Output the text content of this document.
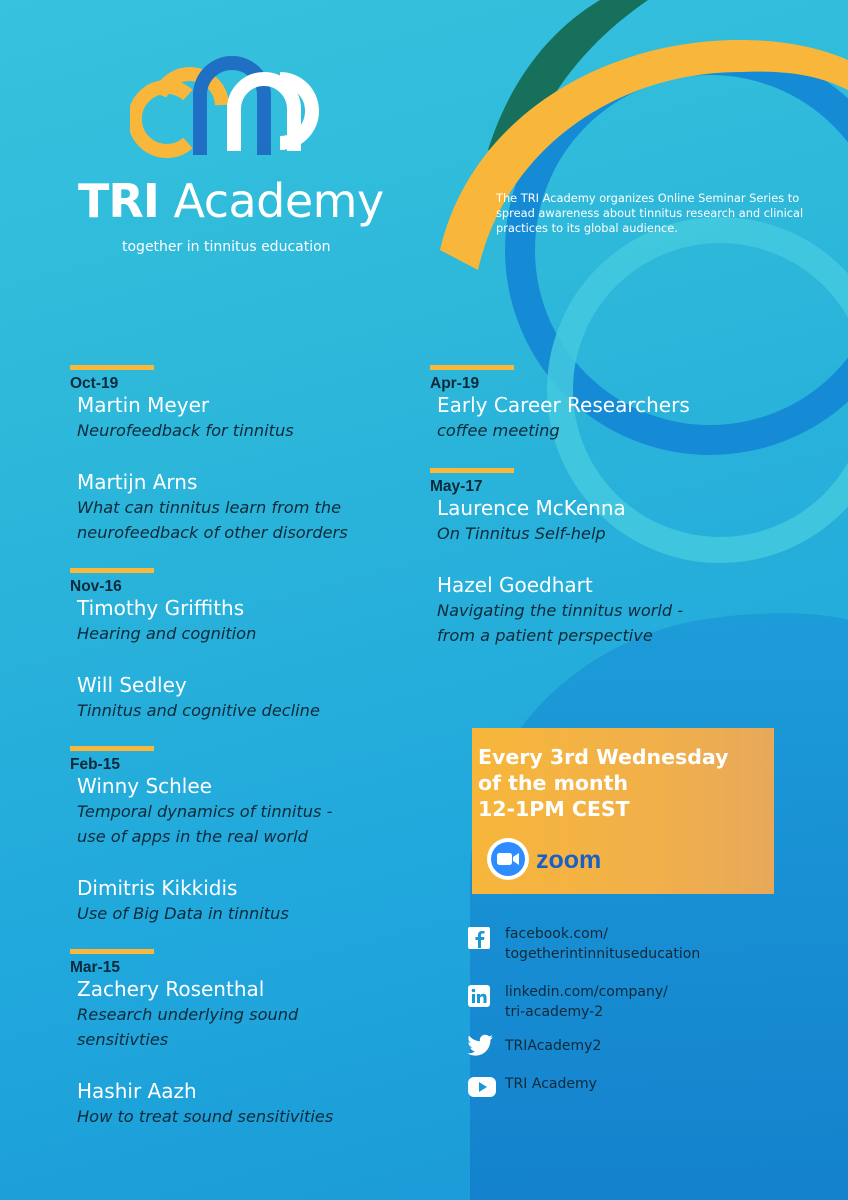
TRI Academy
together in tinnitus education
The TRI Academy organizes Online Seminar Series to spread awareness about tinnitus research and clinical practices to its global audience.
Oct-19
Martin Meyer
Neurofeedback for tinnitus
Martijn Arns
What can tinnitus learn from the
neurofeedback of other disorders
Nov-16
Timothy Griffiths
Hearing and cognition
Will Sedley
Tinnitus and cognitive decline
Feb-15
Winny Schlee
Temporal dynamics of tinnitus -
use of apps in the real world
Dimitris Kikkidis
Use of Big Data in tinnitus
Mar-15
Zachery Rosenthal
Research underlying sound
sensitivties
Hashir Aazh
How to treat sound sensitivities
Apr-19
Early Career Researchers
coffee meeting
May-17
Laurence McKenna
On Tinnitus Self-help
Hazel Goedhart
Navigating the tinnitus world -
from a patient perspective
Every 3rd Wednesday
of the month
12-1PM CEST
zoom
facebook.com/
togetherintinnituseducation
linkedin.com/company/
tri-academy-2
TRIAcademy2
TRI Academy
